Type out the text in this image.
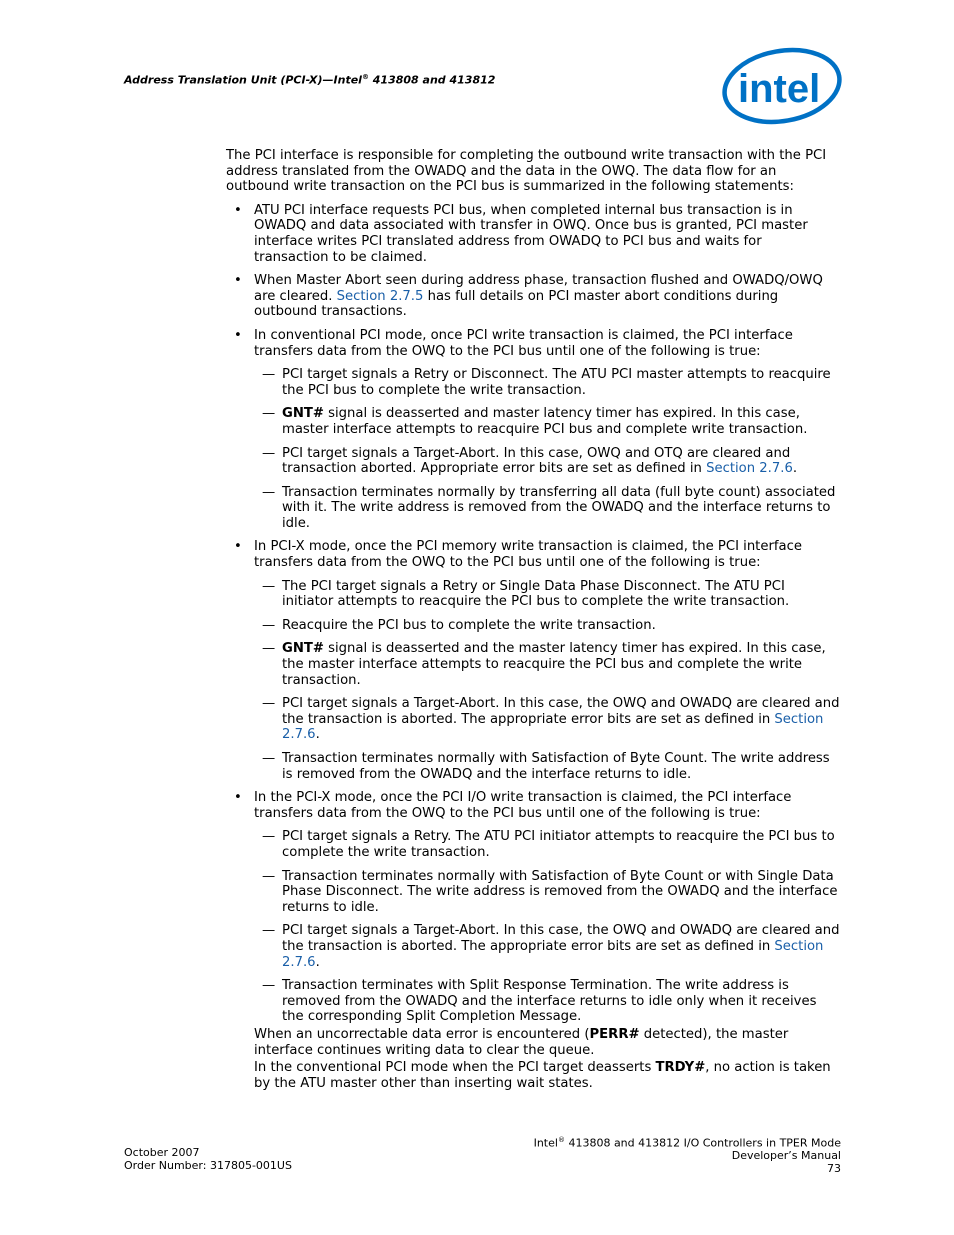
Address Translation Unit (PCI-X)—Intel® 413808 and 413812	intel

The PCI interface is responsible for completing the outbound write transaction with the PCI address translated from the OWADQ and the data in the OWQ. The data flow for an outbound write transaction on the PCI bus is summarized in the following statements:

• ATU PCI interface requests PCI bus, when completed internal bus transaction is in OWADQ and data associated with transfer in OWQ. Once bus is granted, PCI master interface writes PCI translated address from OWADQ to PCI bus and waits for transaction to be claimed.
• When Master Abort seen during address phase, transaction flushed and OWADQ/OWQ are cleared. Section 2.7.5 has full details on PCI master abort conditions during outbound transactions.
• In conventional PCI mode, once PCI write transaction is claimed, the PCI interface transfers data from the OWQ to the PCI bus until one of the following is true:
— PCI target signals a Retry or Disconnect. The ATU PCI master attempts to reacquire the PCI bus to complete the write transaction.
— GNT# signal is deasserted and master latency timer has expired. In this case, master interface attempts to reacquire PCI bus and complete write transaction.
— PCI target signals a Target-Abort. In this case, OWQ and OTQ are cleared and transaction aborted. Appropriate error bits are set as defined in Section 2.7.6.
— Transaction terminates normally by transferring all data (full byte count) associated with it. The write address is removed from the OWADQ and the interface returns to idle.
• In PCI-X mode, once the PCI memory write transaction is claimed, the PCI interface transfers data from the OWQ to the PCI bus until one of the following is true:
— The PCI target signals a Retry or Single Data Phase Disconnect. The ATU PCI initiator attempts to reacquire the PCI bus to complete the write transaction.
— Reacquire the PCI bus to complete the write transaction.
— GNT# signal is deasserted and the master latency timer has expired. In this case, the master interface attempts to reacquire the PCI bus and complete the write transaction.
— PCI target signals a Target-Abort. In this case, the OWQ and OWADQ are cleared and the transaction is aborted. The appropriate error bits are set as defined in Section 2.7.6.
— Transaction terminates normally with Satisfaction of Byte Count. The write address is removed from the OWADQ and the interface returns to idle.
• In the PCI-X mode, once the PCI I/O write transaction is claimed, the PCI interface transfers data from the OWQ to the PCI bus until one of the following is true:
— PCI target signals a Retry. The ATU PCI initiator attempts to reacquire the PCI bus to complete the write transaction.
— Transaction terminates normally with Satisfaction of Byte Count or with Single Data Phase Disconnect. The write address is removed from the OWADQ and the interface returns to idle.
— PCI target signals a Target-Abort. In this case, the OWQ and OWADQ are cleared and the transaction is aborted. The appropriate error bits are set as defined in Section 2.7.6.
— Transaction terminates with Split Response Termination. The write address is removed from the OWADQ and the interface returns to idle only when it receives the corresponding Split Completion Message.

When an uncorrectable data error is encountered (PERR# detected), the master interface continues writing data to clear the queue.

In the conventional PCI mode when the PCI target deasserts TRDY#, no action is taken by the ATU master other than inserting wait states.

October 2007
Order Number: 317805-001US
Intel® 413808 and 413812 I/O Controllers in TPER Mode
Developer’s Manual
73
